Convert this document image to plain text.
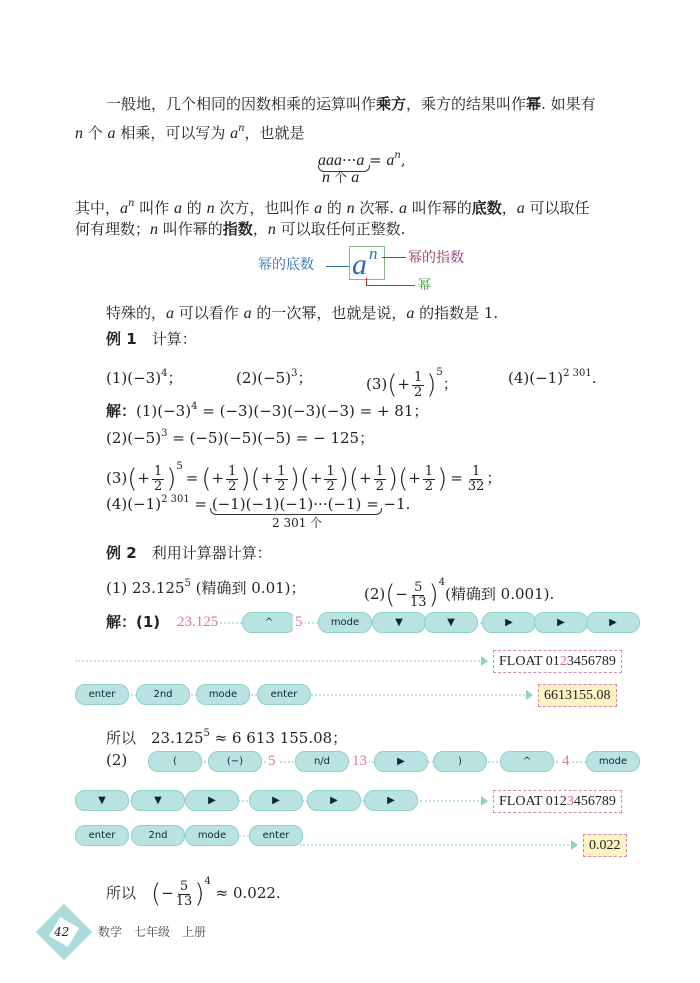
一般地，几个相同的因数相乘的运算叫作乘方，乘方的结果叫作幂. 如果有
n 个 a 相乘，可以写为 $a^n$，也就是
$aaa\cdot\cdot\cdot a = a^n$,
n 个 a
其中，$a^n$ 叫作 a 的 n 次方，也叫作 a 的 n 次幂. a 叫作幂的底数，a 可以取任
何有理数；n 叫作幂的指数，n 可以取任何正整数.
幂的底数 a n 幂的指数
幂
特殊的，a 可以看作 a 的一次幂，也就是说，a 的指数是 1.
例 1　 计算：
$(1)(-3)^4$；	$(2)(-5)^3$；	$(3)(+ \frac{1}{2} )^5$；	$(4)(-1)^{2 301}$.
解：$(1)(-3)^4 = (-3)(-3)(-3)(-3)$ = + 81；
$(2)(-5)^3 = (-5)(-5)(-5)$ = − 125；
$(3)(+ \frac{1}{2} )^5=$ (+ $\frac{1}{2}$ )(+ $\frac{1}{2}$ )(+ $\frac{1}{2}$ )(+ $\frac{1}{2}$ )(+ $\frac{1}{2}$ ) = $\frac{1}{32}$ ；
$(4)(-1)^{2 301} = (-1)(-1)(-1)\cdot\cdot\cdot(-1) = -1$.
2 301 个
例 2　 利用计算器计算：
(1) 23.125$^5$ (精确到 0.01)；	$(2)(- \frac{5}{13} )^4$(精确到 0.001).
解：(1) 23.125	^	5	mode	▼	▼	▶	▶	▶
FLOAT 0123456789
enter	2nd	mode	enter	6613155.08
(	(−)	5	n/d	13	▶	)	^	4	mode
▼	▼	▶	▶	▶	▶	FLOAT 0123456789
enter	2nd	mode	enter
0.022
所以　$23.125^5 \approx 6$ 613 155.08；
(2)
所以　 (− $\frac{5}{13} )^4 \approx 0.022$.
42 数学　七年级　上册
